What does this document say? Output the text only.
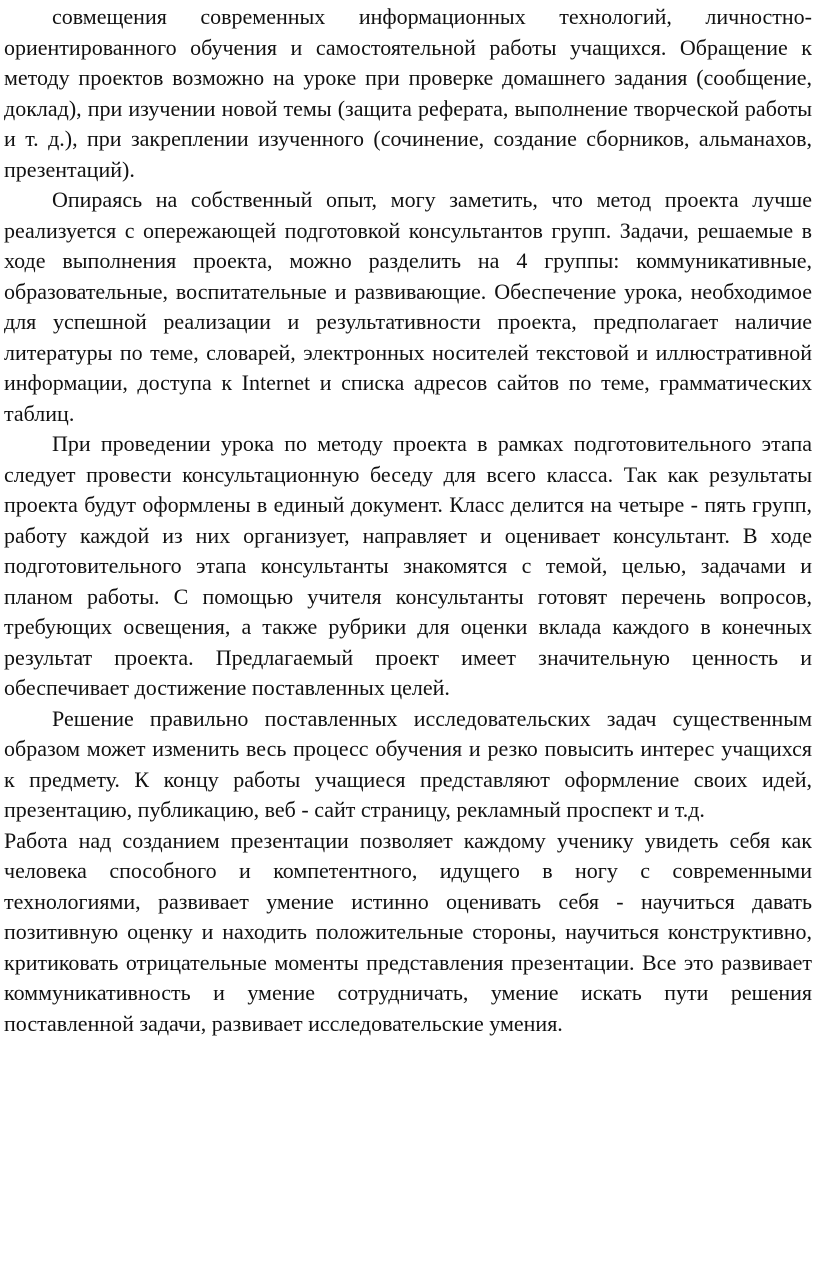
совмещения современных информационных технологий, личностно-ориентированного обучения и самостоятельной работы учащихся. Обращение к методу проектов возможно на уроке при проверке домашнего задания (сообщение, доклад), при изучении новой темы (защита реферата, выполнение творческой работы и т. д.), при закреплении изученного (сочинение, создание сборников, альманахов, презентаций).

Опираясь на собственный опыт, могу заметить, что метод проекта лучше реализуется с опережающей подготовкой консультантов групп. Задачи, решаемые в ходе выполнения проекта, можно разделить на 4 группы: коммуникативные, образовательные, воспитательные и развивающие. Обеспечение урока, необходимое для успешной реализации и результативности проекта, предполагает наличие литературы по теме, словарей, электронных носителей текстовой и иллюстративной информации, доступа к Internet и списка адресов сайтов по теме, грамматических таблиц.

При проведении урока по методу проекта в рамках подготовительного этапа следует провести консультационную беседу для всего класса. Так как результаты проекта будут оформлены в единый документ. Класс делится на четыре - пять групп, работу каждой из них организует, направляет и оценивает консультант. В ходе подготовительного этапа консультанты знакомятся с темой, целью, задачами и планом работы. С помощью учителя консультанты готовят перечень вопросов, требующих освещения, а также рубрики для оценки вклада каждого в конечных результат проекта. Предлагаемый проект имеет значительную ценность и обеспечивает достижение поставленных целей.

Решение правильно поставленных исследовательских задач существенным образом может изменить весь процесс обучения и резко повысить интерес учащихся к предмету. К концу работы учащиеся представляют оформление своих идей, презентацию, публикацию, веб - сайт страницу, рекламный проспект и т.д.

Работа над созданием презентации позволяет каждому ученику увидеть себя как человека способного и компетентного, идущего в ногу с современными технологиями, развивает умение истинно оценивать себя - научиться давать позитивную оценку и находить положительные стороны, научиться конструктивно, критиковать отрицательные моменты представления презентации. Все это развивает коммуникативность и умение сотрудничать, умение искать пути решения поставленной задачи, развивает исследовательские умения.
